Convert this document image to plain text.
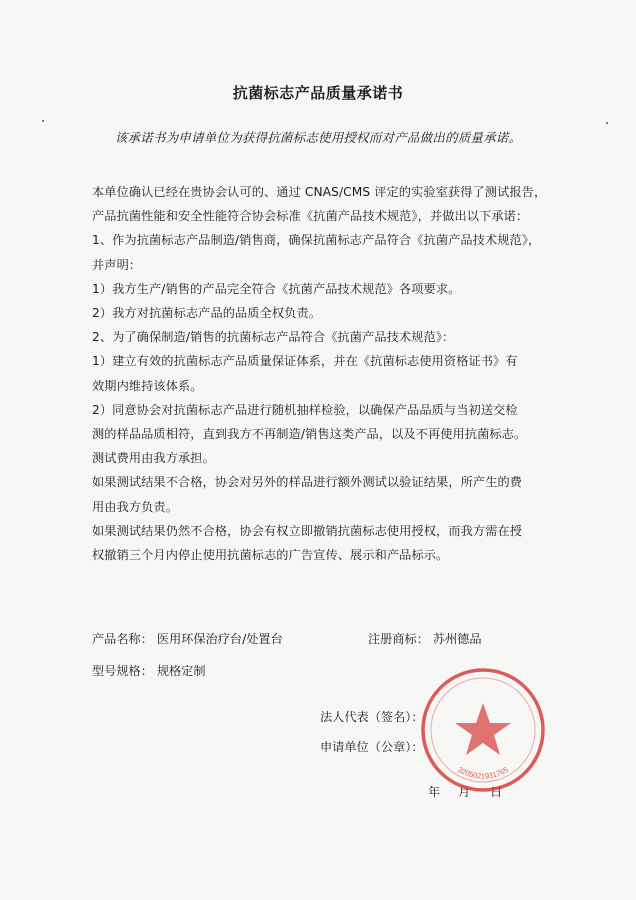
抗菌标志产品质量承诺书
该承诺书为申请单位为获得抗菌标志使用授权而对产品做出的质量承诺。

本单位确认已经在贵协会认可的、通过 CNAS/CMS 评定的实验室获得了测试报告，

产品抗菌性能和安全性能符合协会标准《抗菌产品技术规范》，并做出以下承诺：

1、作为抗菌标志产品制造/销售商，确保抗菌标志产品符合《抗菌产品技术规范》，

并声明：

1）我方生产/销售的产品完全符合《抗菌产品技术规范》各项要求。

2）我方对抗菌标志产品的品质全权负责。

2、为了确保制造/销售的抗菌标志产品符合《抗菌产品技术规范》：

1）建立有效的抗菌标志产品质量保证体系，并在《抗菌标志使用资格证书》有

效期内维持该体系。

2）同意协会对抗菌标志产品进行随机抽样检验，以确保产品品质与当初送交检

测的样品品质相符，直到我方不再制造/销售这类产品，以及不再使用抗菌标志。

测试费用由我方承担。

如果测试结果不合格，协会对另外的样品进行额外测试以验证结果，所产生的费

用由我方负责。

如果测试结果仍然不合格，协会有权立即撤销抗菌标志使用授权，而我方需在授

权撤销三个月内停止使用抗菌标志的广告宣传、展示和产品标示。

产品名称： 医用环保治疗台/处置台	注册商标： 苏州德品
型号规格： 规格定制
法人代表（签名）：
申请单位（公章）：
年 月 日
3205021931765
